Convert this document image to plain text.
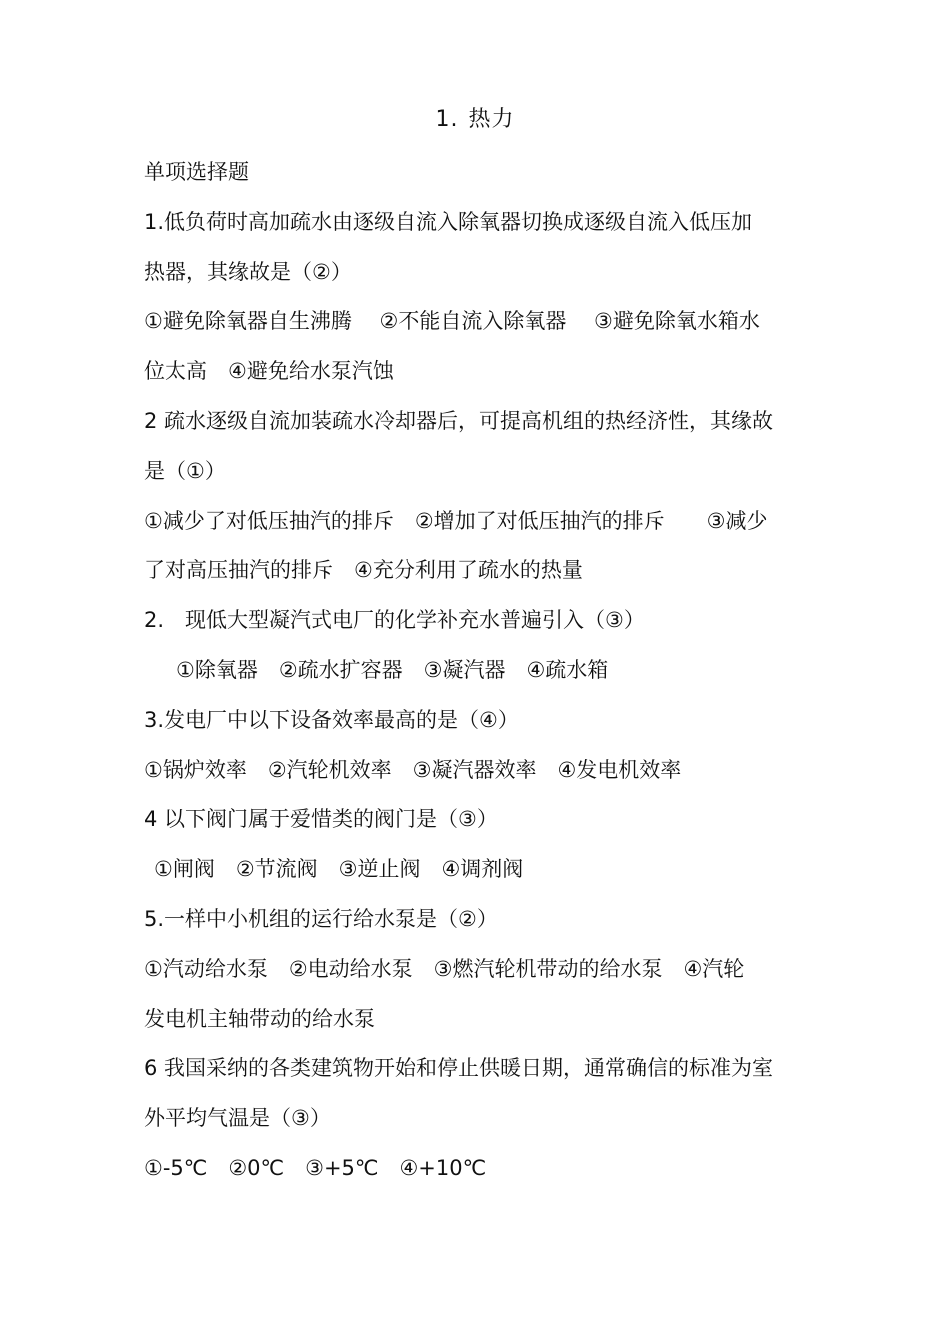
1. 热力
单项选择题
1.低负荷时高加疏水由逐级自流入除氧器切换成逐级自流入低压加
热器，其缘故是（②）
①避免除氧器自生沸腾　 ②不能自流入除氧器　 ③避免除氧水箱水
位太高　④避免给水泵汽蚀
2 疏水逐级自流加装疏水冷却器后，可提高机组的热经济性，其缘故
是（①）
①减少了对低压抽汽的排斥　②增加了对低压抽汽的排斥　　③减少
了对高压抽汽的排斥　④充分利用了疏水的热量
2.　现低大型凝汽式电厂的化学补充水普遍引入（③）
①除氧器　②疏水扩容器　③凝汽器　④疏水箱
3.发电厂中以下设备效率最高的是（④）
①锅炉效率　②汽轮机效率　③凝汽器效率　④发电机效率
4 以下阀门属于爱惜类的阀门是（③）
①闸阀　②节流阀　③逆止阀　④调剂阀
5.一样中小机组的运行给水泵是（②）
①汽动给水泵　②电动给水泵　③燃汽轮机带动的给水泵　④汽轮
发电机主轴带动的给水泵
6 我国采纳的各类建筑物开始和停止供暖日期，通常确信的标准为室
外平均气温是（③）
①-5℃　②0℃　③+5℃　④+10℃
